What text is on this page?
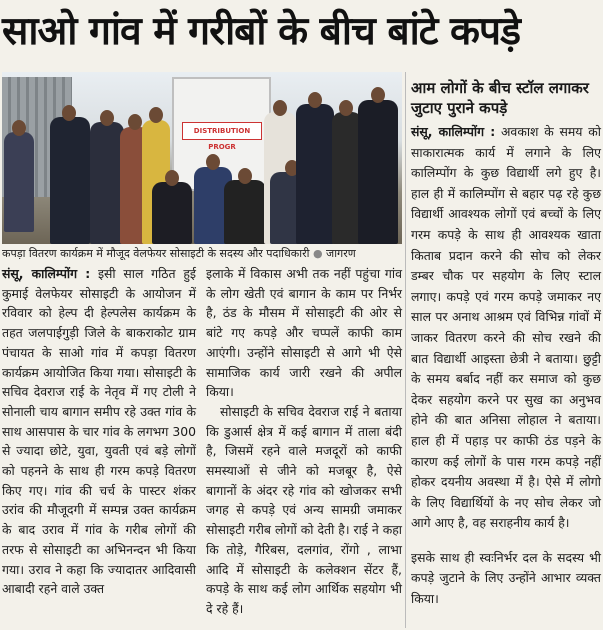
साओ गांव में गरीबों के बीच बांटे कपड़े
DISTRIBUTION PROGR
कपड़ा वितरण कार्यक्रम में मौजूद वेलफेयर सोसाइटी के सदस्य और पदाधिकारी ● जागरण

संसू, कालिम्पोंग : इसी साल गठित हुई कुमाई वेलफेयर सोसाइटी के आयोजन में रविवार को हेल्प दी हेल्पलेस कार्यक्रम के तहत जलपाईगुड़ी जिले के बाकराकोट ग्राम पंचायत के साओ गांव में कपड़ा वितरण कार्यक्रम आयोजित किया गया। सोसाइटी के सचिव देवराज राई के नेतृव में गए टोली ने सोनाली चाय बागान समीप रहे उक्त गांव के साथ आसपास के चार गांव के लगभग 300 से ज्यादा छोटे, युवा, युवती एवं बड़े लोगों को पहनने के साथ ही गरम कपड़े वितरण किए गए। गांव की चर्च के पास्टर शंकर उरांव की मौजूदगी में सम्पन्न उक्त कार्यक्रम के बाद उराव में गांव के गरीब लोगों की तरफ से सोसाइटी का अभिनन्दन भी किया गया। उराव ने कहा कि ज्यादातर आदिवासी आबादी रहने वाले उक्त

इलाके में विकास अभी तक नहीं पहुंचा गांव के लोग खेती एवं बागान के काम पर निर्भर है, ठंड के मौसम में सोसाइटी की ओर से बांटे गए कपड़े और चप्पलें काफी काम आएंगी। उन्होंने सोसाइटी से आगे भी ऐसे सामाजिक कार्य जारी रखने की अपील किया।

सोसाइटी के सचिव देवराज राई ने बताया कि डुआर्स क्षेत्र में कई बागान में ताला बंदी है, जिसमें रहने वाले मजदूरों को काफी समस्याओं से जीने को मजबूर है, ऐसे बागानों के अंदर रहे गांव को खोजकर सभी जगह से कपड़े एवं अन्य सामग्री जमाकर सोसाइटी गरीब लोगों को देती है। राई ने कहा कि तोड़े, गैरिबस, दलगांव, रोंगो , लाभा आदि में सोसाइटी के कलेक्शन सेंटर हैं, कपड़े के साथ कई लोग आर्थिक सहयोग भी दे रहे हैं।

आम लोगों के बीच स्टॉल लगाकर जुटाए पुराने कपड़े

संसू, कालिम्पोंग : अवकाश के समय को साकारात्मक कार्य में लगाने के लिए कालिम्पोंग के कुछ विद्यार्थी लगे हुए है। हाल ही में कालिम्पोंग से बहार पढ़ रहे कुछ विद्यार्थी आवश्यक लोगों एवं बच्चों के लिए गरम कपड़े के साथ ही आवश्यक खाता किताब प्रदान करने की सोच को लेकर डम्बर चौक पर सहयोग के लिए स्टाल लगाए। कपड़े एवं गरम कपड़े जमाकर नए साल पर अनाथ आश्रम एवं विभिन्न गांवों में जाकर वितरण करने की सोच रखने की बात विद्यार्थी आइस्ता छेत्री ने बताया। छुट्टी के समय बर्बाद नहीं कर समाज को कुछ देकर सहयोग करने पर सुख का अनुभव होने की बात अनिसा लोहाल ने बताया। हाल ही में पहाड़ पर काफी ठंड पड़ने के कारण कई लोगों के पास गरम कपड़े नहीं होकर दयनीय अवस्था में है। ऐसे में लोगो के लिए विद्यार्थियों के नए सोच लेकर जो आगे आए है, वह सराहनीय कार्य है।

इसके साथ ही स्वःनिर्भर दल के सदस्य भी कपड़े जुटाने के लिए उन्होंने आभार व्यक्त किया।
